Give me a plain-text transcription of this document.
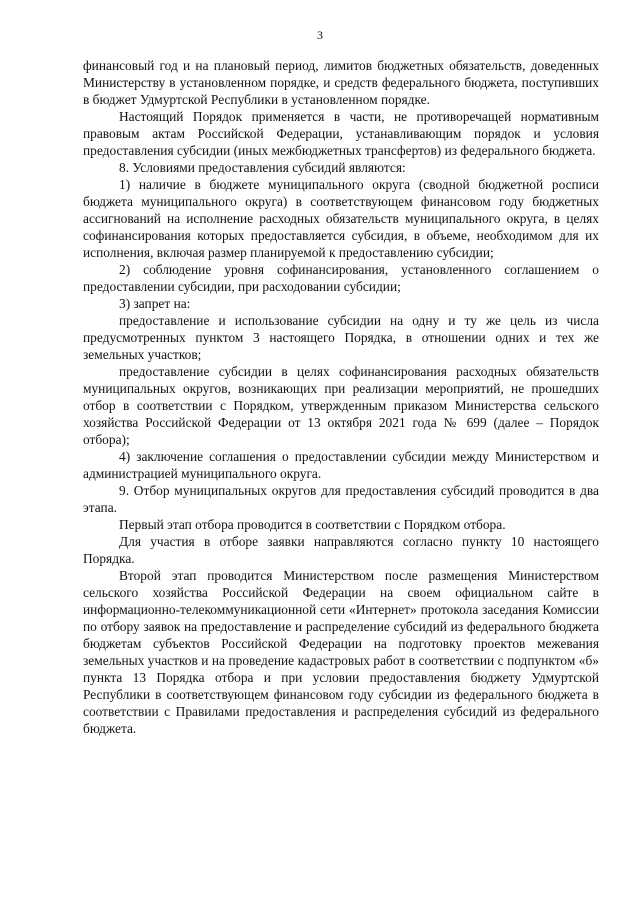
3

финансовый год и на плановый период, лимитов бюджетных обязательств, доведенных Министерству в установленном порядке, и средств федерального бюджета, поступивших в бюджет Удмуртской Республики в установленном порядке.

Настоящий Порядок применяется в части, не противоречащей нормативным правовым актам Российской Федерации, устанавливающим порядок и условия предоставления субсидии (иных межбюджетных трансфертов) из федерального бюджета.

8. Условиями предоставления субсидий являются:

1) наличие в бюджете муниципального округа (сводной бюджетной росписи бюджета муниципального округа) в соответствующем финансовом году бюджетных ассигнований на исполнение расходных обязательств муниципального округа, в целях софинансирования которых предоставляется субсидия, в объеме, необходимом для их исполнения, включая размер планируемой к предоставлению субсидии;

2) соблюдение уровня софинансирования, установленного соглашением о предоставлении субсидии, при расходовании субсидии;

3) запрет на:

предоставление и использование субсидии на одну и ту же цель из числа предусмотренных пунктом 3 настоящего Порядка, в отношении одних и тех же земельных участков;

предоставление субсидии в целях софинансирования расходных обязательств муниципальных округов, возникающих при реализации мероприятий, не прошедших отбор в соответствии с Порядком, утвержденным приказом Министерства сельского хозяйства Российской Федерации от 13 октября 2021 года № 699 (далее – Порядок отбора);

4) заключение соглашения о предоставлении субсидии между Министерством и администрацией муниципального округа.

9. Отбор муниципальных округов для предоставления субсидий проводится в два этапа.

Первый этап отбора проводится в соответствии с Порядком отбора.

Для участия в отборе заявки направляются согласно пункту 10 настоящего Порядка.

Второй этап проводится Министерством после размещения Министерством сельского хозяйства Российской Федерации на своем официальном сайте в информационно-телекоммуникационной сети «Интернет» протокола заседания Комиссии по отбору заявок на предоставление и распределение субсидий из федерального бюджета бюджетам субъектов Российской Федерации на подготовку проектов межевания земельных участков и на проведение кадастровых работ в соответствии с подпунктом «б» пункта 13 Порядка отбора и при условии предоставления бюджету Удмуртской Республики в соответствующем финансовом году субсидии из федерального бюджета в соответствии с Правилами предоставления и распределения субсидий из федерального бюджета.
